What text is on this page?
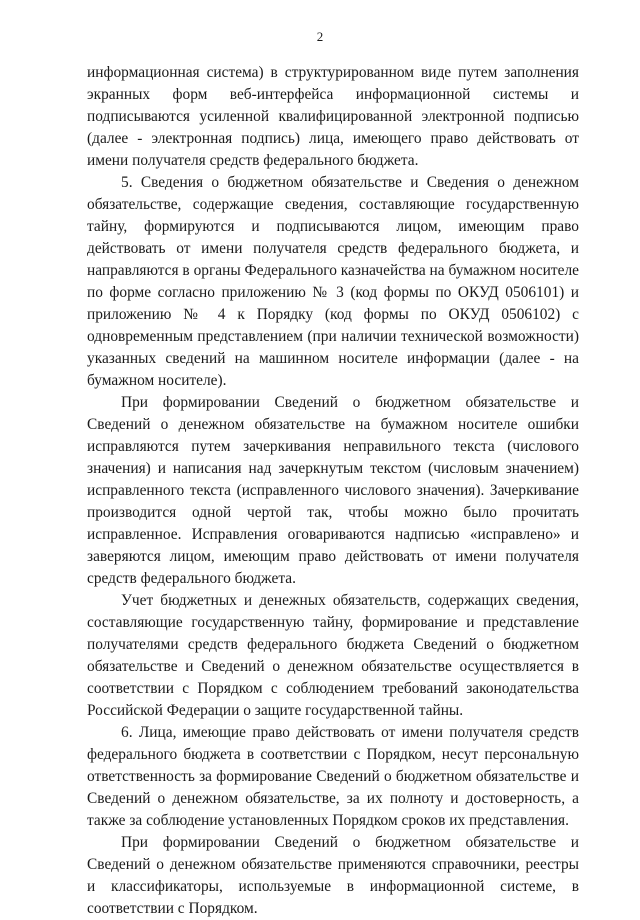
2

информационная система) в структурированном виде путем заполнения экранных форм веб-интерфейса информационной системы и подписываются усиленной квалифицированной электронной подписью (далее - электронная подпись) лица, имеющего право действовать от имени получателя средств федерального бюджета.

5. Сведения о бюджетном обязательстве и Сведения о денежном обязательстве, содержащие сведения, составляющие государственную тайну, формируются и подписываются лицом, имеющим право действовать от имени получателя средств федерального бюджета, и направляются в органы Федерального казначейства на бумажном носителе по форме согласно приложению № 3 (код формы по ОКУД 0506101) и приложению № 4 к Порядку (код формы по ОКУД 0506102) с одновременным представлением (при наличии технической возможности) указанных сведений на машинном носителе информации (далее - на бумажном носителе).

При формировании Сведений о бюджетном обязательстве и Сведений о денежном обязательстве на бумажном носителе ошибки исправляются путем зачеркивания неправильного текста (числового значения) и написания над зачеркнутым текстом (числовым значением) исправленного текста (исправленного числового значения). Зачеркивание производится одной чертой так, чтобы можно было прочитать исправленное. Исправления оговариваются надписью «исправлено» и заверяются лицом, имеющим право действовать от имени получателя средств федерального бюджета.

Учет бюджетных и денежных обязательств, содержащих сведения, составляющие государственную тайну, формирование и представление получателями средств федерального бюджета Сведений о бюджетном обязательстве и Сведений о денежном обязательстве осуществляется в соответствии с Порядком с соблюдением требований законодательства Российской Федерации о защите государственной тайны.

6. Лица, имеющие право действовать от имени получателя средств федерального бюджета в соответствии с Порядком, несут персональную ответственность за формирование Сведений о бюджетном обязательстве и Сведений о денежном обязательстве, за их полноту и достоверность, а также за соблюдение установленных Порядком сроков их представления.

При формировании Сведений о бюджетном обязательстве и Сведений о денежном обязательстве применяются справочники, реестры и классификаторы, используемые в информационной системе, в соответствии с Порядком.
